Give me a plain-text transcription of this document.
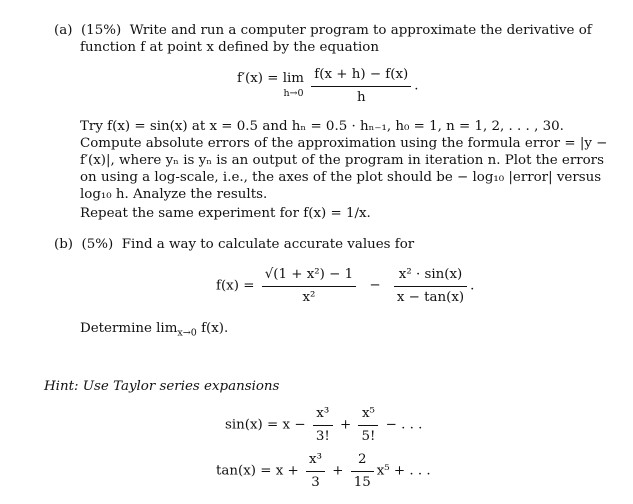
(a) (15%) Write and run a computer program to approximate the derivative of
function f at point x defined by the equation
f′(x) = lim
h→0
$\frac{f(x + h) - f(x)}{h}$ .
Try f(x) = sin(x) at x = 0.5 and hₙ = 0.5 · hₙ₋₁, h₀ = 1, n = 1, 2, . . . , 30.
Compute absolute errors of the approximation using the formula error = |y −
f′(x)|, where yₙ is yₙ is an output of the program in iteration n. Plot the errors
on using a log-scale, i.e., the axes of the plot should be − log₁₀ |error| versus
log₁₀ h. Analyze the results.
Repeat the same experiment for f(x) = 1/x.
(b) (5%) Find a way to calculate accurate values for
$f(x) = \frac{\text{√(1 + x²) − 1}}{\text{x²}} - \frac{\text{x² · sin(x)}}{x - \tan(x)}$ .
Determine $\lim_{x\to 0} f(x)$.
Hint: Use Taylor series expansions
$\sin(x) = x - \frac{\text{x³}}{3!} + \frac{\text{x⁵}}{5!}$ − . . .
$\tan(x) = x + \frac{\text{x³}}{3} + \frac{2}{15} x^5$ + . . .
